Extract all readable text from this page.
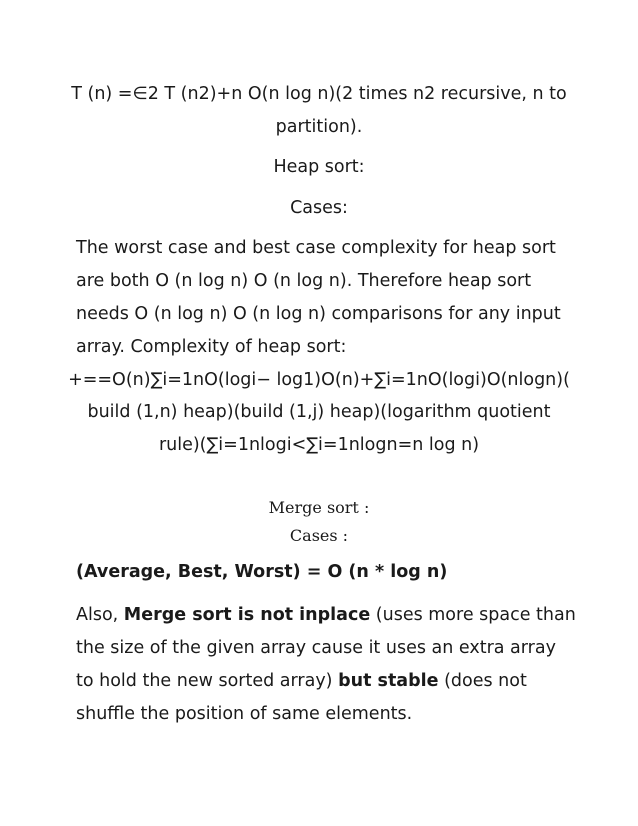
T (n) =∈2 T (n2)+n O(n log n)(2 times n2 recursive, n to
partition).
Heap sort:
Cases:
The worst case and best case complexity for heap sort
are both O (n log n) O (n log n). Therefore heap sort
needs O (n log n) O (n log n) comparisons for any input
array. Complexity of heap sort:
+==O(n)∑i=1nO(logi− log1)O(n)+∑i=1nO(logi)O(nlogn)(
build (1,n) heap)(build (1,j) heap)(logarithm quotient
rule)(∑i=1nlogi<∑i=1nlogn=n log n)
Merge sort :
Cases :
(Average, Best, Worst) = O (n * log n)
Also, Merge sort is not inplace (uses more space than
the size of the given array cause it uses an extra array
to hold the new sorted array) but stable (does not
shuffle the position of same elements.
